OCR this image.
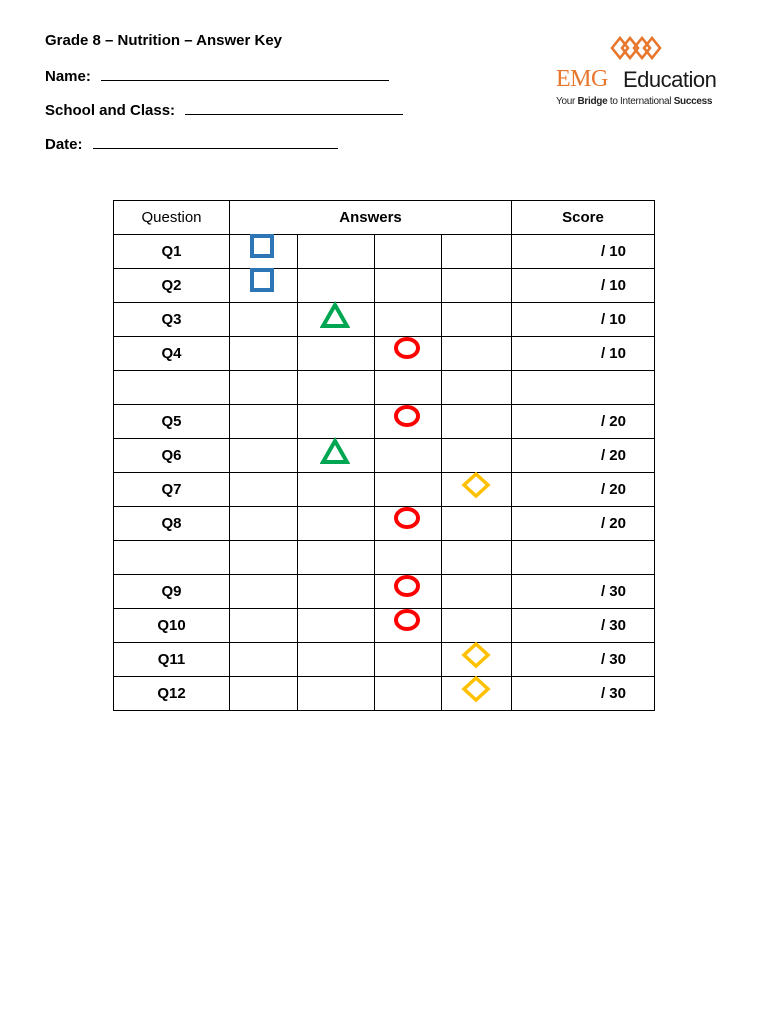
Grade 8 – Nutrition – Answer Key
Name:
School and Class:
Date:
EMG Education
Your Bridge to International Success
Question	Answers				Score
Q1					/ 10
Q2					/ 10
Q3					/ 10
Q4					/ 10

Q5					/ 20
Q6					/ 20
Q7					/ 20
Q8					/ 20

Q9					/ 30
Q10					/ 30
Q11					/ 30
Q12					/ 30
